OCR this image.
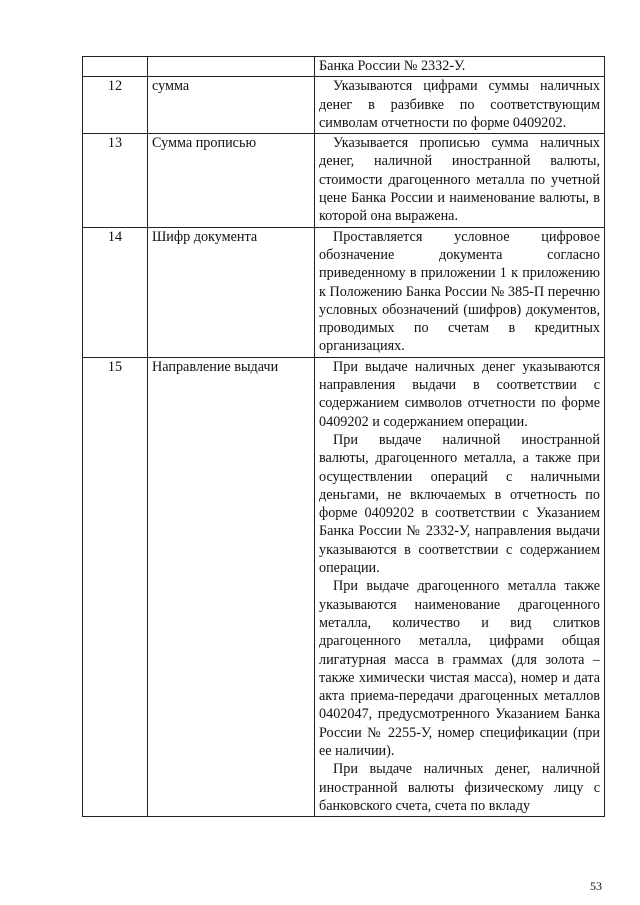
		Банка России № 2332-У.

12	сумма	Указываются цифрами суммы наличных денег в разбивке по соответствующим символам отчетности по форме 0409202.

13	Сумма прописью	Указывается прописью сумма наличных денег, наличной иностранной валюты, стоимости драгоценного металла по учетной цене Банка России и наименование валюты, в которой она выражена.

14	Шифр документа	Проставляется условное цифровое обозначение документа согласно приведенному в приложении 1 к приложению к Положению Банка России № 385-П перечню условных обозначений (шифров) документов, проводимых по счетам в кредитных организациях.

15	Направление выдачи	При выдаче наличных денег указываются направления выдачи в соответствии с содержанием символов отчетности по форме 0409202 и содержанием операции.

При выдаче наличной иностранной валюты, драгоценного металла, а также при осуществлении операций с наличными деньгами, не включаемых в отчетность по форме 0409202 в соответствии с Указанием Банка России № 2332-У, направления выдачи указываются в соответствии с содержанием операции.

При выдаче драгоценного металла также указываются наименование драгоценного металла, количество и вид слитков драгоценного металла, цифрами общая лигатурная масса в граммах (для золота – также химически чистая масса), номер и дата акта приема-передачи драгоценных металлов 0402047, предусмотренного Указанием Банка России № 2255-У, номер спецификации (при ее наличии).

При выдаче наличных денег, наличной иностранной валюты физическому лицу с банковского счета, счета по вкладу

53
